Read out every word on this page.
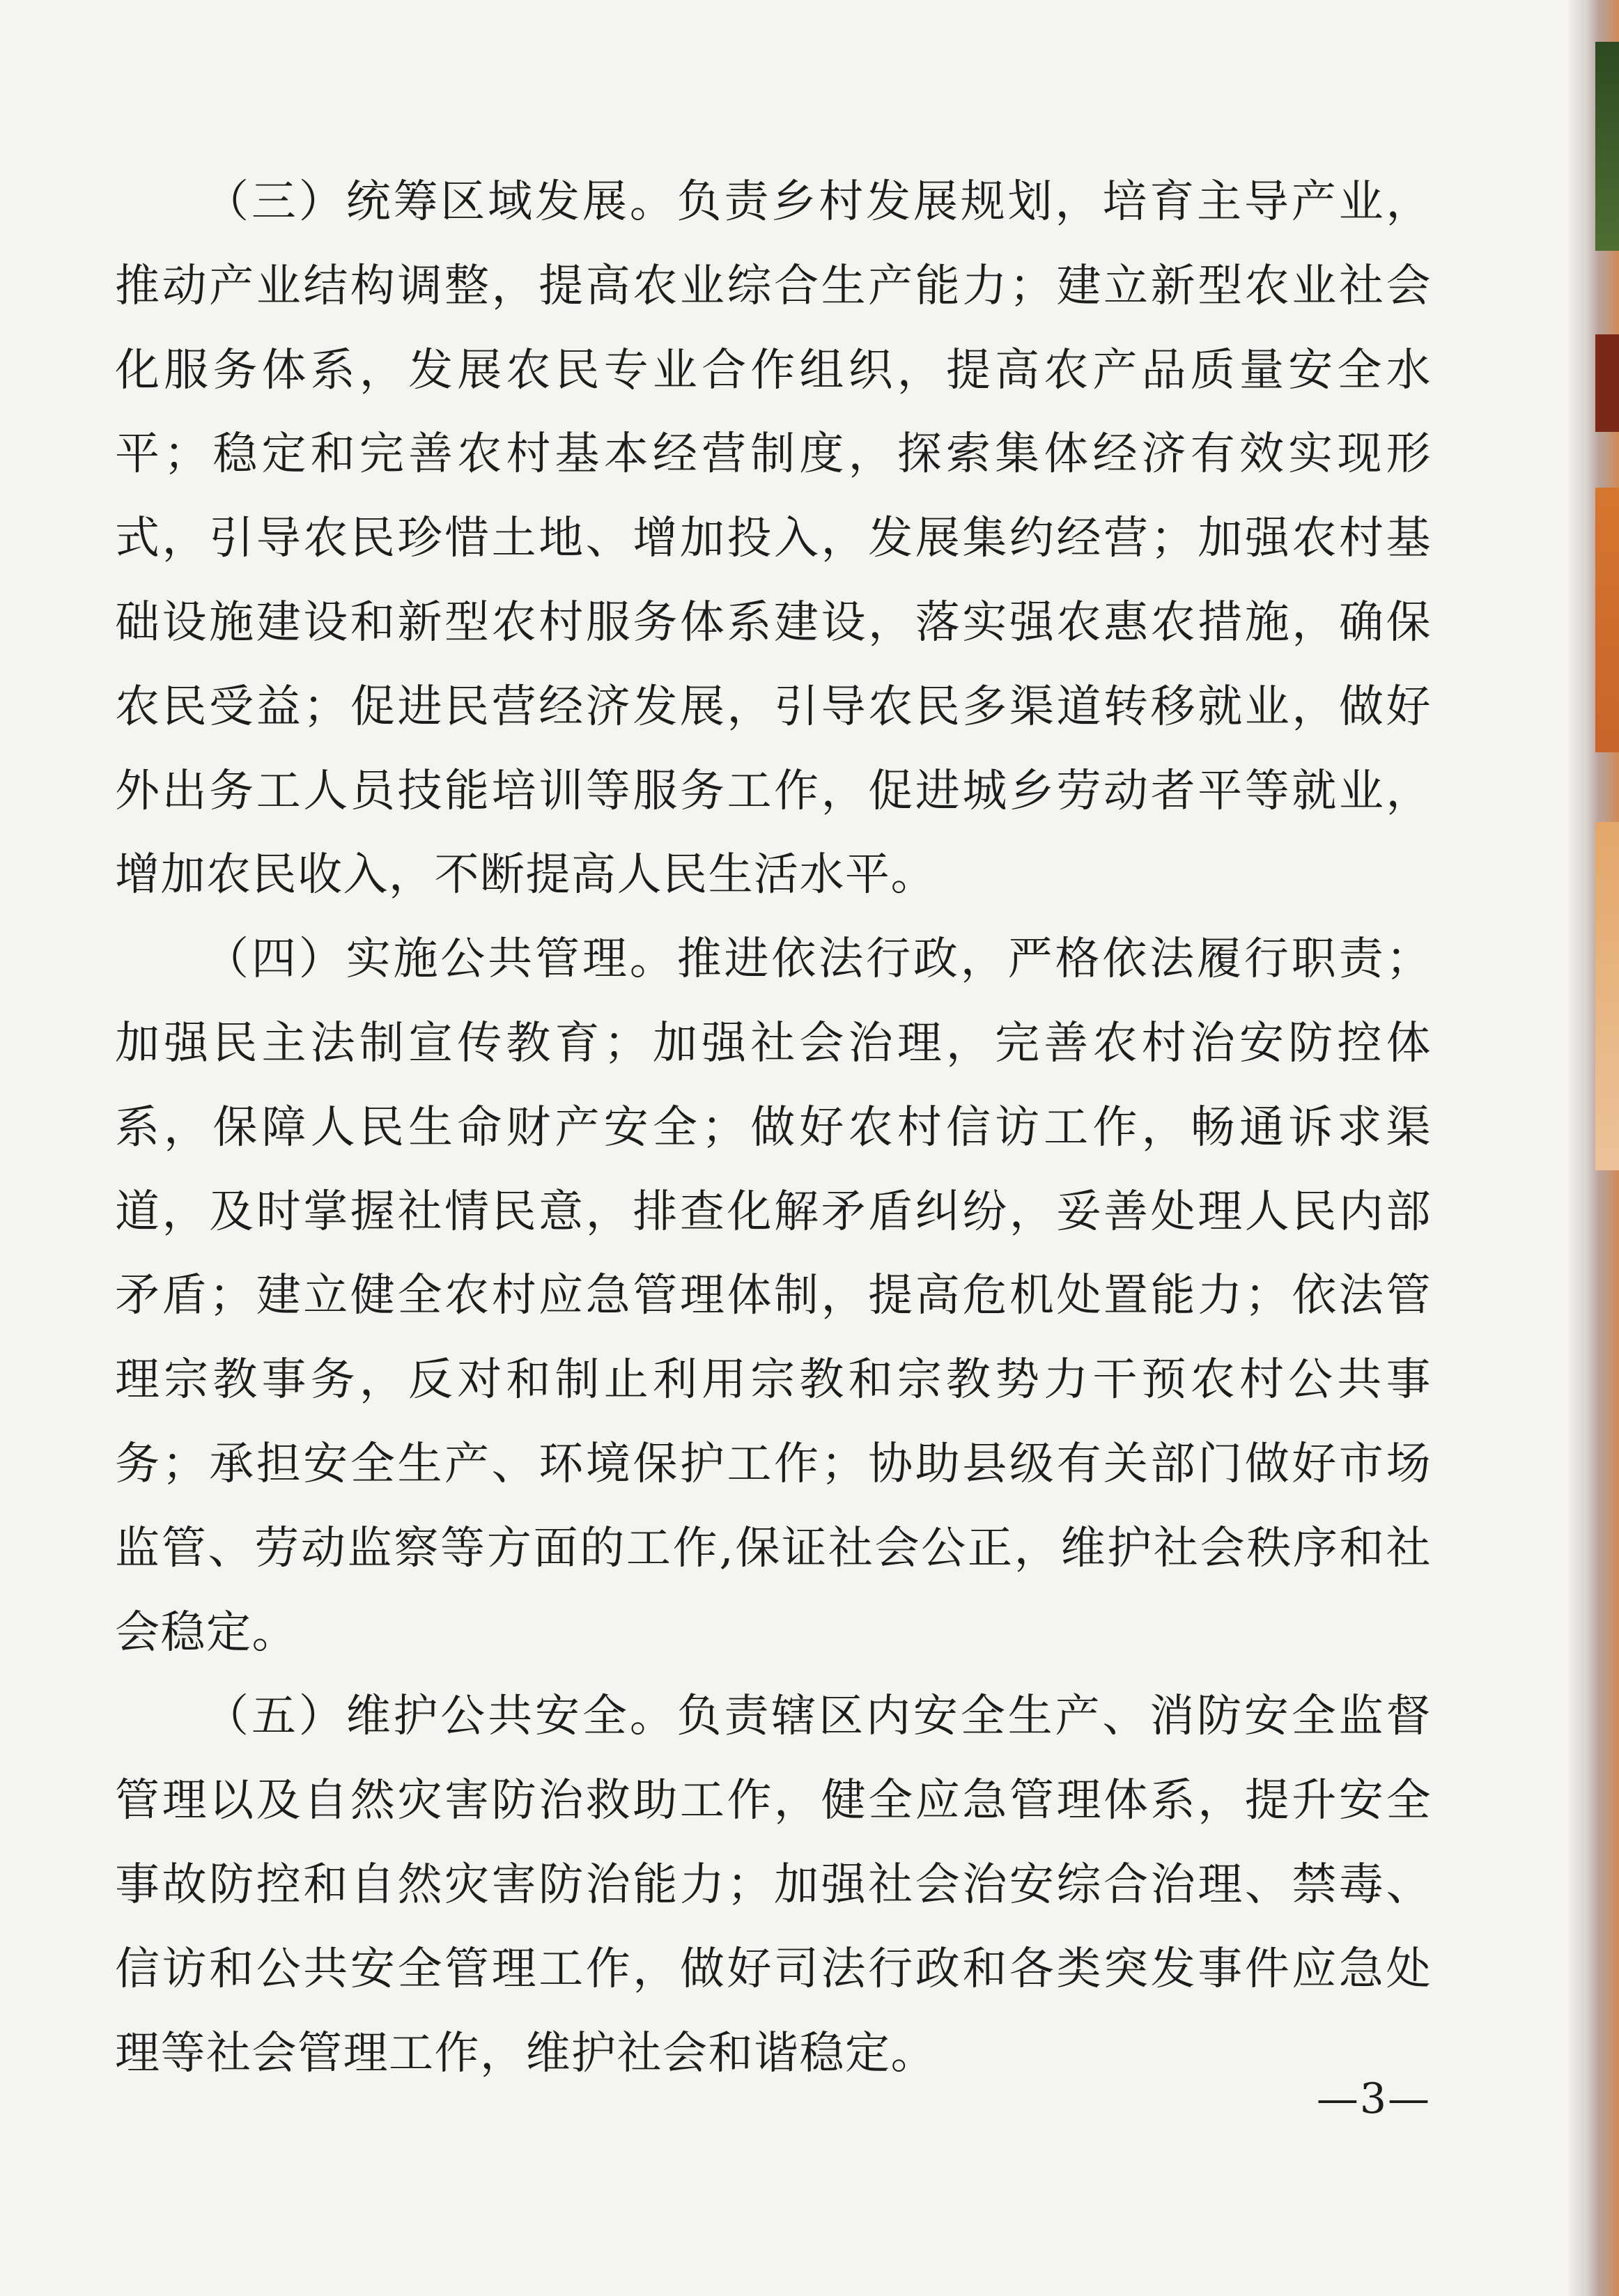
（三）统筹区域发展。负责乡村发展规划，培育主导产业，推动产业结构调整，提高农业综合生产能力；建立新型农业社会化服务体系，发展农民专业合作组织，提高农产品质量安全水平；稳定和完善农村基本经营制度，探索集体经济有效实现形式，引导农民珍惜土地、增加投入，发展集约经营；加强农村基础设施建设和新型农村服务体系建设，落实强农惠农措施，确保农民受益；促进民营经济发展，引导农民多渠道转移就业，做好外出务工人员技能培训等服务工作，促进城乡劳动者平等就业，增加农民收入，不断提高人民生活水平。

（四）实施公共管理。推进依法行政，严格依法履行职责；加强民主法制宣传教育；加强社会治理，完善农村治安防控体系，保障人民生命财产安全；做好农村信访工作，畅通诉求渠道，及时掌握社情民意，排查化解矛盾纠纷，妥善处理人民内部矛盾；建立健全农村应急管理体制，提高危机处置能力；依法管理宗教事务，反对和制止利用宗教和宗教势力干预农村公共事务；承担安全生产、环境保护工作；协助县级有关部门做好市场监管、劳动监察等方面的工作,保证社会公正，维护社会秩序和社会稳定。

（五）维护公共安全。负责辖区内安全生产、消防安全监督管理以及自然灾害防治救助工作，健全应急管理体系，提升安全事故防控和自然灾害防治能力；加强社会治安综合治理、禁毒、信访和公共安全管理工作，做好司法行政和各类突发事件应急处理等社会管理工作，维护社会和谐稳定。

—3—
